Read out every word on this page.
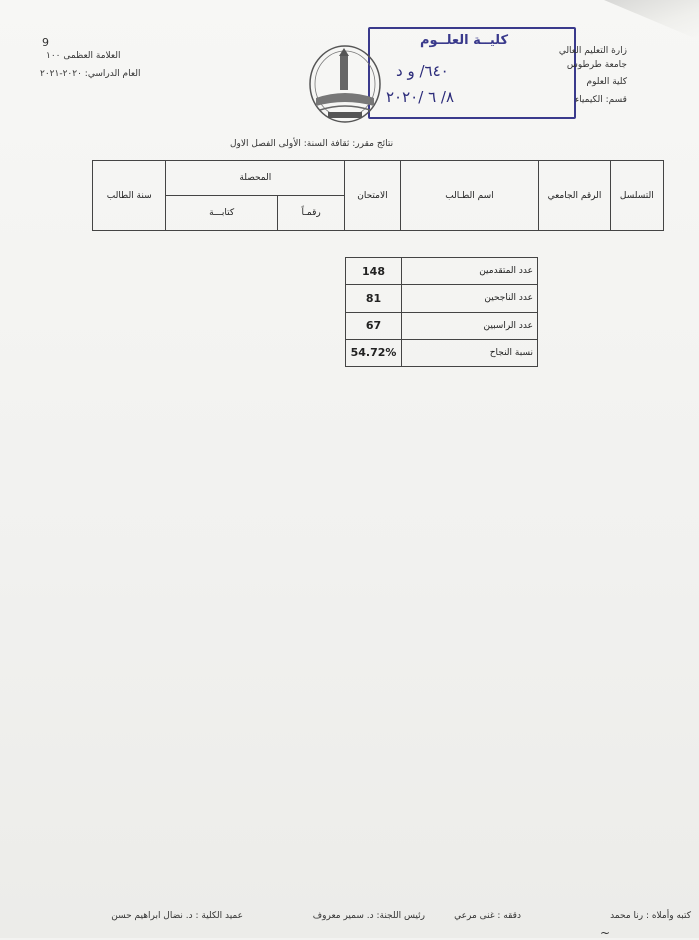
9
العلامة العظمى ١٠٠
العام الدراسي: ٢٠٢٠-٢٠٢١
كليــة العلــوم
٦٤٠/ و د
٨/ ٦ /٢٠٢٠
زارة التعليم العالي
جامعة طرطوس
كلية العلوم
قسم: الكيمياء
نتائج مقرر: ثقافة السنة: الأولى الفصل الاول
سنة الطالب	المحصلة		الامتحان	اسم الطـالب	الرقم الجامعي	التسلسل
	كتابـــة	رقمـاً				
148	عدد المتقدمين
81	عدد الناجحين
67	عدد الراسبين
54.72%	نسبة النجاح
كتبه وأملاه : رنا محمد
دققه : غنى مرعي
رئيس اللجنة: د. سمير معروف
عميد الكلية : د. نضال ابراهيم حسن
~
